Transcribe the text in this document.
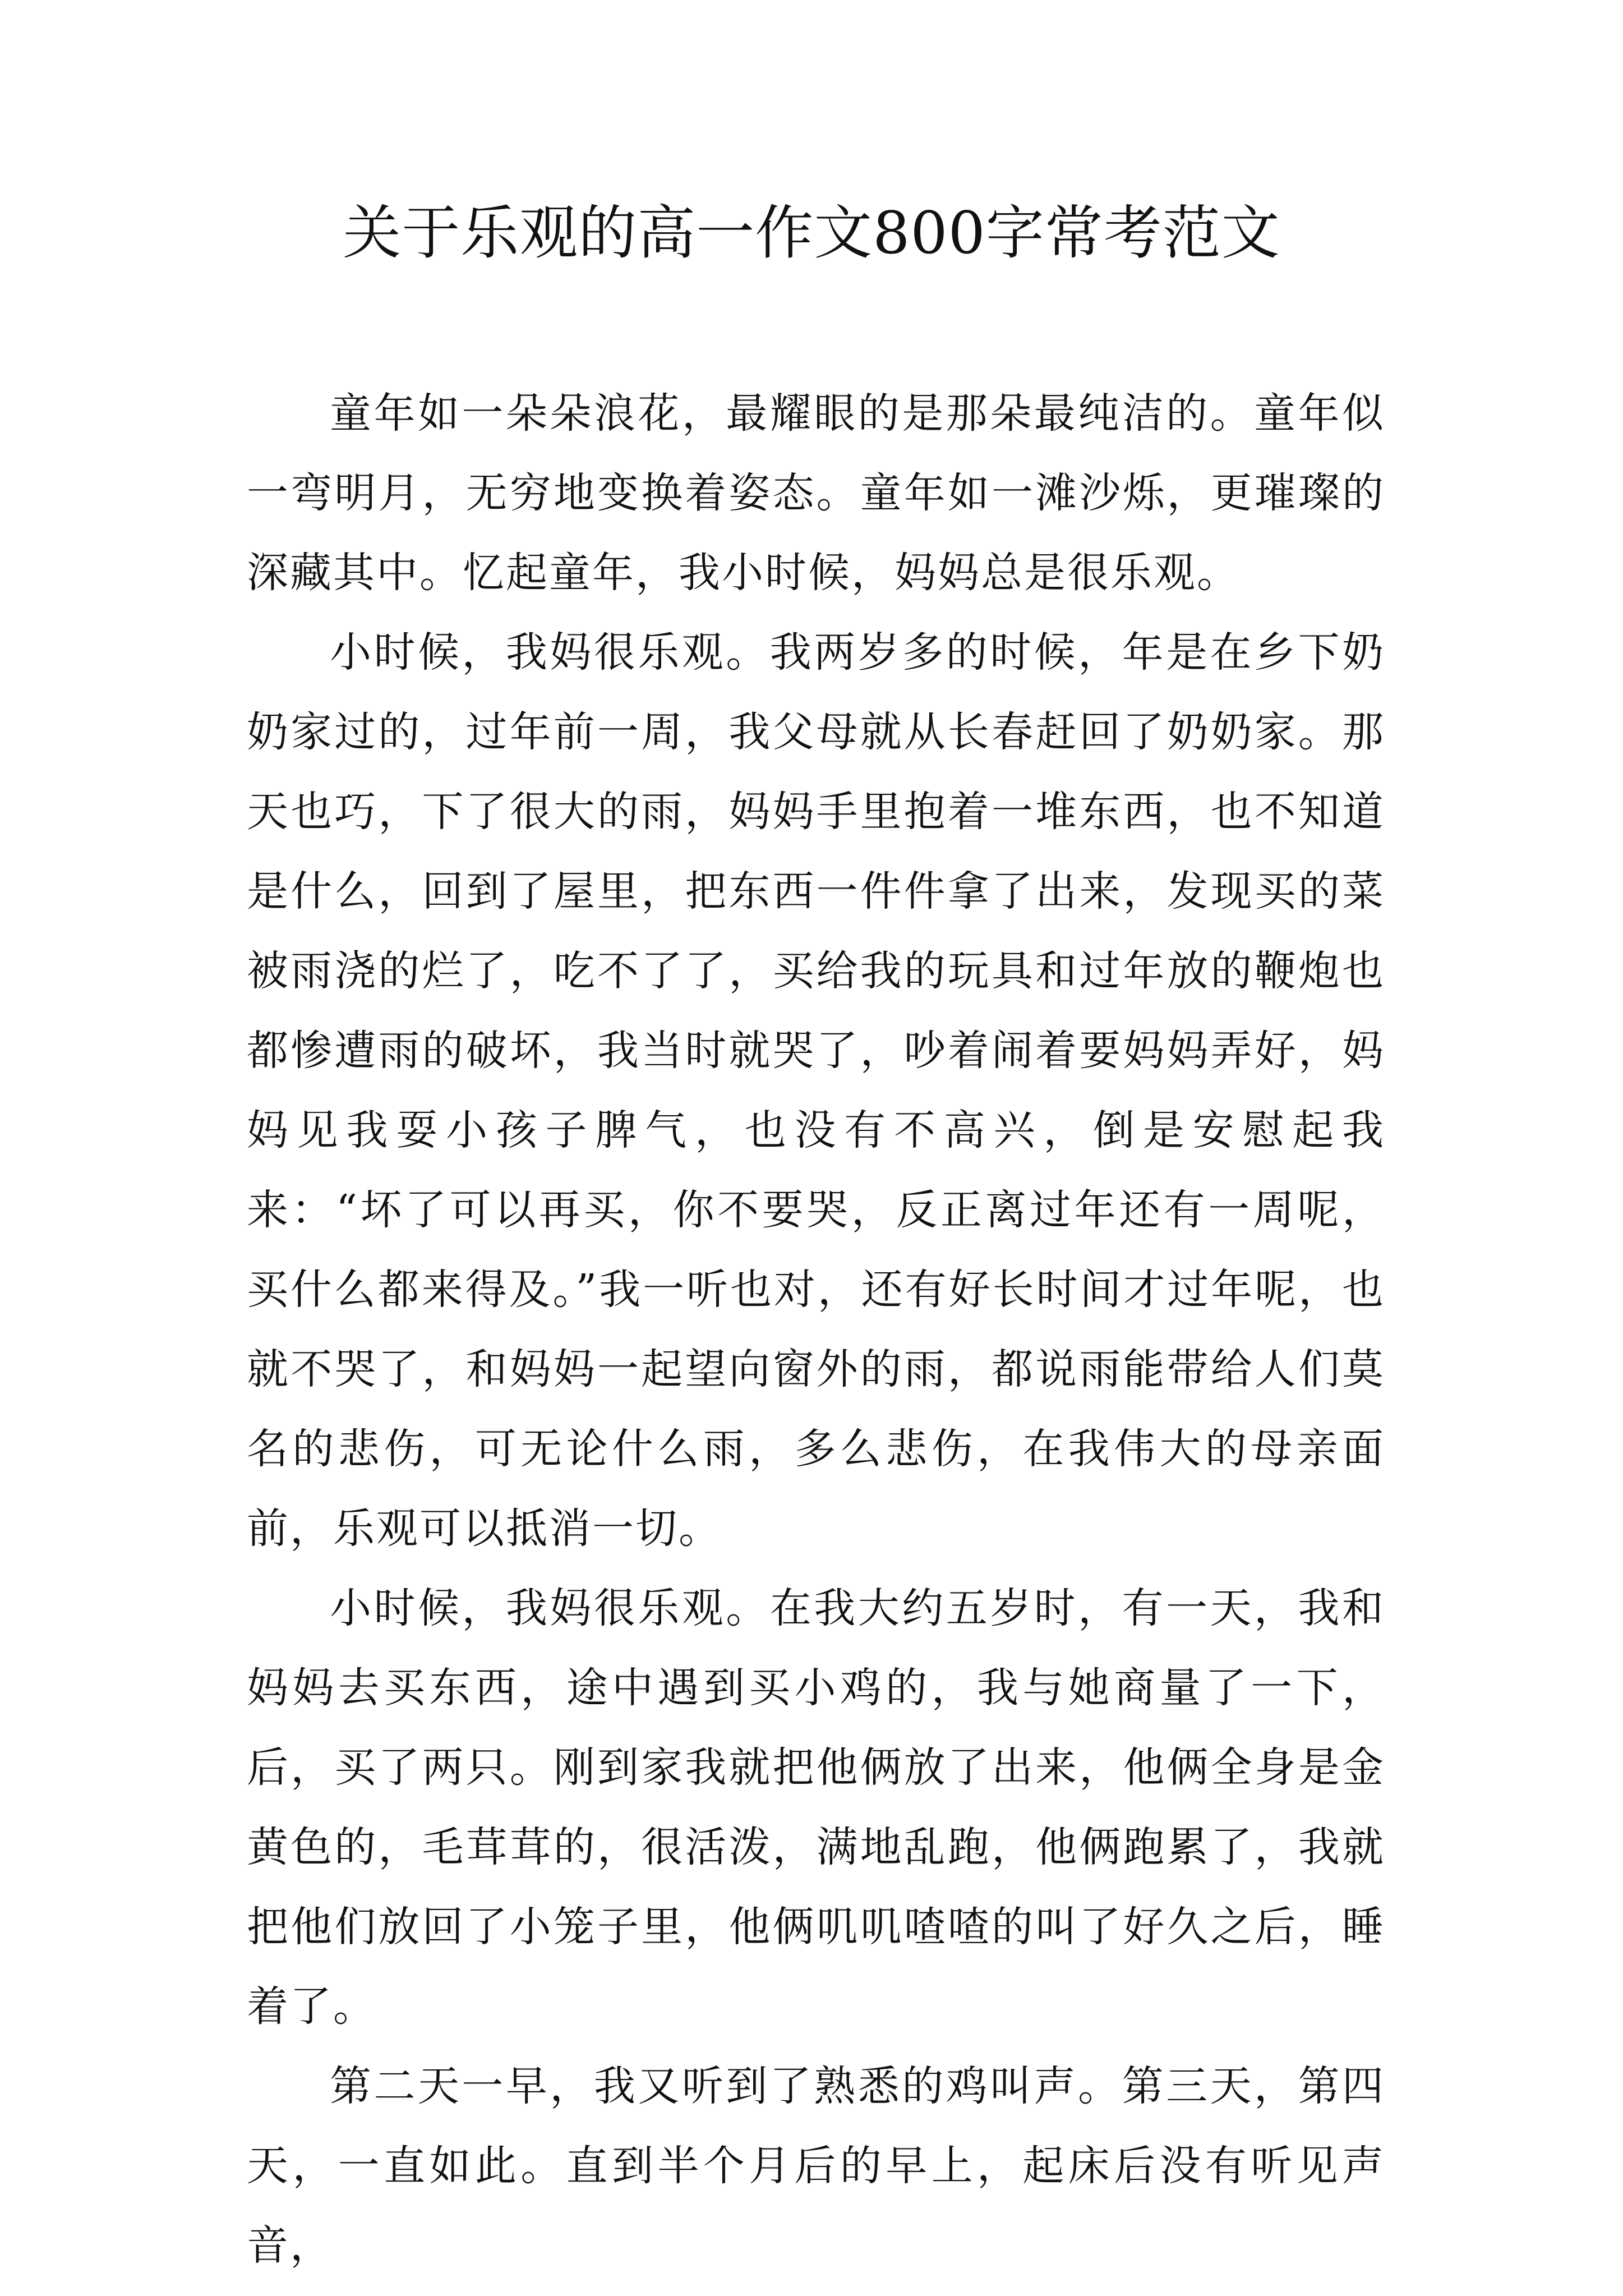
关于乐观的高一作文800字常考范文

童年如一朵朵浪花，最耀眼的是那朵最纯洁的。童年似一弯明月，无穷地变换着姿态。童年如一滩沙烁，更璀璨的深藏其中。忆起童年，我小时候，妈妈总是很乐观。

小时候，我妈很乐观。我两岁多的时候，年是在乡下奶奶家过的，过年前一周，我父母就从长春赶回了奶奶家。那天也巧，下了很大的雨，妈妈手里抱着一堆东西，也不知道是什么，回到了屋里，把东西一件件拿了出来，发现买的菜被雨浇的烂了，吃不了了，买给我的玩具和过年放的鞭炮也都惨遭雨的破坏，我当时就哭了，吵着闹着要妈妈弄好，妈妈见我耍小孩子脾气，也没有不高兴，倒是安慰起我来：“坏了可以再买，你不要哭，反正离过年还有一周呢，买什么都来得及。”我一听也对，还有好长时间才过年呢，也就不哭了，和妈妈一起望向窗外的雨，都说雨能带给人们莫名的悲伤，可无论什么雨，多么悲伤，在我伟大的母亲面前，乐观可以抵消一切。

小时候，我妈很乐观。在我大约五岁时，有一天，我和妈妈去买东西，途中遇到买小鸡的，我与她商量了一下，后，买了两只。刚到家我就把他俩放了出来，他俩全身是金黄色的，毛茸茸的，很活泼，满地乱跑，他俩跑累了，我就把他们放回了小笼子里，他俩叽叽喳喳的叫了好久之后，睡着了。

第二天一早，我又听到了熟悉的鸡叫声。第三天，第四天，一直如此。直到半个月后的早上，起床后没有听见声音，
